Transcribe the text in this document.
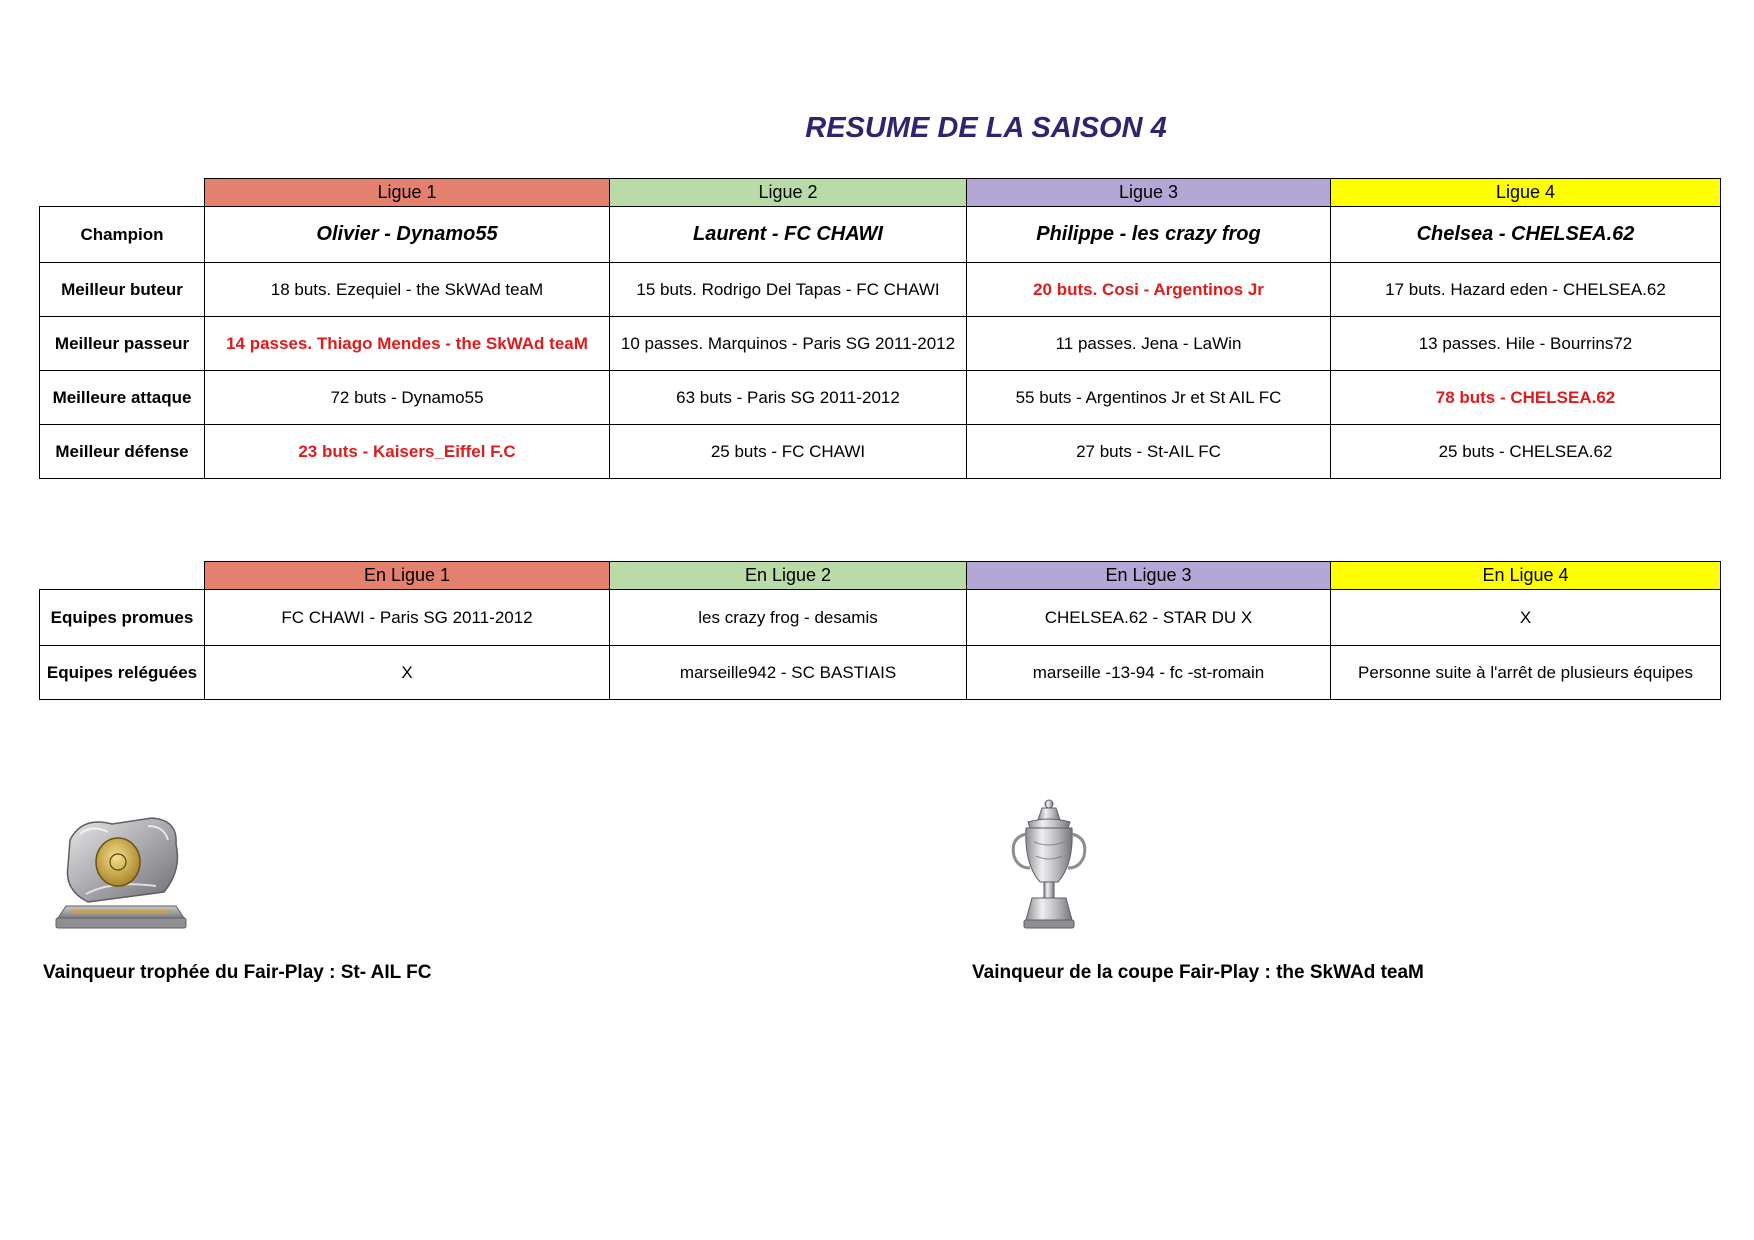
RESUME DE LA SAISON 4
	Ligue 1	Ligue 2	Ligue 3	Ligue 4
Champion	Olivier - Dynamo55	Laurent - FC CHAWI	Philippe - les crazy frog	Chelsea - CHELSEA.62
Meilleur buteur	18 buts. Ezequiel - the SkWAd teaM	15 buts. Rodrigo Del Tapas - FC CHAWI	20 buts. Cosi - Argentinos Jr	17 buts. Hazard eden - CHELSEA.62
Meilleur passeur	14 passes. Thiago Mendes - the SkWAd teaM	10 passes. Marquinos - Paris SG 2011-2012	11 passes. Jena - LaWin	13 passes. Hile - Bourrins72
Meilleure attaque	72 buts - Dynamo55	63 buts - Paris SG 2011-2012	55 buts - Argentinos Jr et St AIL FC	78 buts - CHELSEA.62
Meilleur défense	23 buts - Kaisers_Eiffel F.C	25 buts - FC CHAWI	27 buts - St-AIL FC	25 buts - CHELSEA.62
	En Ligue 1	En Ligue 2	En Ligue 3	En Ligue 4
Equipes promues	FC CHAWI - Paris SG 2011-2012	les crazy frog - desamis	CHELSEA.62 - STAR DU X	X
Equipes reléguées	X	marseille942 - SC BASTIAIS	marseille -13-94 - fc -st-romain	Personne suite à l'arrêt de plusieurs équipes
Vainqueur trophée du Fair-Play : St- AIL FC	Vainqueur de la coupe Fair-Play : the SkWAd teaM
